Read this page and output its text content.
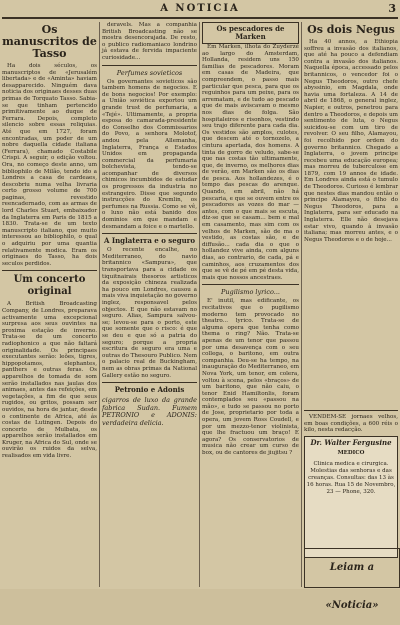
A NOTICIA	3
Os manuscritos de Tasso

Ha dois séculos, os manuscriptos de «Jerusalém libertada» e de «Aminta» haviam desapparecido. Ninguém dava noticia dos originaes desses duas primas de Torquato Tasso. Sabia-se que tinham pertencido primitivamente ao duque de Ferrara. Depois, completo silencio sobre essas reliquias. Até que em 1727, foram encontradas, um poder de um nobre daquella cidade italiana (Ferrara), chamado Costabile Crispi. A seguir, o edição voltou. Ora, no começo deste anno, um bibliophilo de Milão, tendo ido a Londres a casa de cardeaes, descobriu numa velha livraria certo grosso volume de 700 paginas, revestido reencadernado, com as armas de lord Charles Stuart, embaixador da Inglaterra em Paris de 1815 a 1830. Trata-se de um texto manuscripto italiano, que muito interessou ao bibliophilo, o qual o adquiriu por uma quantia relativamente modica. Eram os originaes do Tasso, ha dois seculos perdidos.

Um concerto original

A British Broadcasting Company, de Londres, preparava activamente uma excepcional surpresa aos seus ouvintes na proxima estação de inverno. Trata-se de um concerto radiophonico a que não faltará originalidade. Os principaes executantes serão: leões, tigres, hippopotamos, elephantes, panthers e outras feras. Os apparelhos de tomada de som serão installados nas jaulas dos animaes, antes das refeições, em vegetações, a fim de que seus rugidos, ou gritos, possam ser ouvidos, na hora de jantar, desde o continente de Africa, até ás costas de Lutingen. Depois do concerto de Mulbata, os apparelhos serão installados em Kruger, na Africa do Sul, onde se ouvirão os ruidos da selva, realisados em vida livre.

deravels. Mas a companhia British Broadcasting não se mostra desencorajada. De resto, o publico radiomaniaco londrino já estava de fervida impaciente curiosidade...

Perfumes sovieticos

Os governantes sovieticos são tambem homens de negocios. E de bons negocios! Por exemplo: a União soviética exportou um grande trust de perfumaria, a «Tejé». Ultimamente, a propria esposa do camarada-presidente do Conselho dos Commissarios do Povo, a senhora Molotof, andou pela Allemanha, Inglaterra, França e Estados Unidos em propaganda commercial da perfumaria bolchevista, tendo-se acompanhar de diversos chimicos incumbidos de estudar os progressos da industria no estrangeiro. Disse que segundo instrucções do Kremlin, os perfumes na Russia. Como se vê, o luxo não está banido dos dominios em que mandam e desmandam a foice e o martello.

A Inglaterra e o seguro

O recente encalhe, no Mediterraneo, do navio britannico «Sampura», que transportava para a cidade os tiquitnairais thesoros artisticos da exposição chineza realizada ha pouco em Londres, causou a mais viva inquietação no governo inglez, responsavel pelos objectos. E que não estavam no seguro. Alias, Sampura salvou-se; levou-se para o porto, este que somente que o risco: é que se deu e que só a patria do seguro; porque a propria escritura de seguro era uma e outras do Thesouro Publico. Nem o palacio real de Buckingham, nem as obras primas da National Gallery estão no seguro.

Petronio e Adonis
cigarros de luxo da grande fabrica Sudan. Fumem PETRONIO e ADONIS: verdadeira delicia.
Os pescadores de Marken

Em Marken, ilhota do Zuyderzé ao largo do Amsterdam, Hollanda, residem uns 150 familias de pescadores. Moram em casas de Madeira, que compreendem, o passo mais particular que pesca, para que os reguinhos para um peixe, para os arrematam, e de tudo ao pescado que de mais aviscavam o mesmo nos dias de folga. São hospitaleiros e risonhos, vestindo seu trajo diferente para cada dia. Os vestidos são amplos, culotes, que descem até o tornozelo, a cintura apertada, dos homens. A tinta de gorro de veludo, sabe-se que nas costas tão ultimamente, que, de inverno, os melhores dias de verão, em Marken são os dias de pesca. Aos hollandezes, é o tempo das pescas do arenque. Quando, em abril, não há pescaria, e que se ouvem entre os pescadores as vozes do mar — antes, com o que mais se escuta, diz-se que se casam... bem e mal em casamento, mas sim com os velhos de Marken, são de ma o vestido, as costas são, e de diffusão... cada dia o que o hollandez vive ainda, com alguns dias, ao contrario, de cada, pá e caminhos, aos cruzamentos dos que se vê de pé em pé desta vida, mais que nossos ancestraes.

Pugilismo lyrico...

E' inutil, mas edificante, os recitativos que o pugilismo moderno tem provocado no theatro... lyrico. Trata-se de alguma opera que tenha como thema o ring? Não. Trata-se apenas de um tenor que passou por uma desavença com o seu collega, o baritono, em outra companhia. Deu-se ha tempo, na inauguração do Mediterraneo, em Nova York, um tenor, em colera, voltou à scena, pelos «braços» de um baritono, que não caiu, o tenor Enid Hamiltonlis, foram contemplados seu «passou na mão», e tudo se passou no porto de Jose, proprietario por toda a opera, um jovem Ross Coudell, e por um mezzo-tenor violinista, que lhe fractuou um braço! E agora? Os conservatorios de musica não crear um curso de box, ou de cantores de jiujitsu ?

Os dois Negus

Ha 40 annos, a Ethiopia soffreu a invasão dos italianos, que até ha pouco a defendiam contra a invasão dos italianos. Naquella época, accessado pelos britannicos, o vencedor foi o Negus Theodoros, outro chefe abyssinio, em Magdala, onde havia uma fortaleza. A 14 de abril de 1868, o general inglez, Napier, e outros, penetrou para dentro a Theodoros, e depois um sentimento de luta, o Negus suicidou-se com um tiro de revolver. O seu filho, Alamayou, foi recolhido por ordem do governo britannico. Chegado a Inglaterra, o jovem principe recebeu uma educação europea; mas morreu de tuberculose em 1879, com 19 annos de idade. Em Londres ainda está o tumulo de Theodoros. Curioso é lembrar que nestes dias mandou então o principe Alamayou, o filho do Negus Theodoros, para a Inglaterra, para ser educado na Inglaterra. Elle não desejava estar vivo, quando à invasão italiana; mas morreu antes, e o Negus Theodoros e o de hoje...

VENDEM-SE jornaes velhos, em boas condições, a 600 réis o kilo, nesta redacção.

Dr. Walter Fergusine
MEDICO
Clinica medica e cirurgica. Molestias das senhoras e das creanças. Consultas: das 13 às 16 horas. Rua 15 de Novembro, 23 — Phone, 320.
Leiam a «Noticia»
